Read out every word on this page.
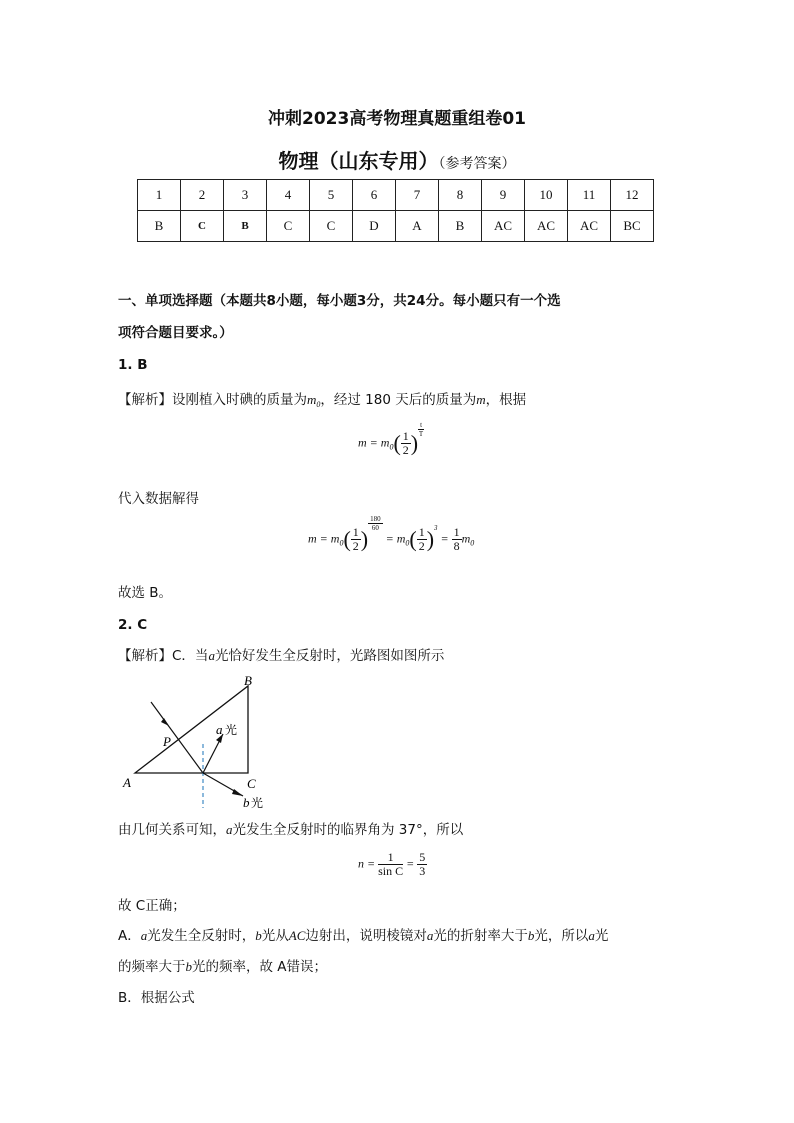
冲刺2023高考物理真题重组卷01
物理（山东专用）（参考答案）
1	2	3	4	5	6	7	8	9	10	11	12
B	C	B	C	C	D	A	B	AC	AC	AC	BC
一、单项选择题（本题共8小题，每小题3分，共24分。每小题只有一个选
项符合题目要求。）
1. B
【解析】设刚植入时碘的质量为$m_0$，经过 180 天后的质量为m，根据
$m = m_0( \frac{1}{2}$ )
$\frac{t}{T}$
代入数据解得
$m = m_0( \frac{1}{2}$ )
$\frac{180}{60}$
= $m_0( \frac{1}{2} )^3 = \frac{1}{8} m_0$
故选 B。
2. C
【解析】C．当a光恰好发生全反射时，光路图如图所示
B
A	C
P
a 光
b 光
由几何关系可知，a光发生全反射时的临界角为 37°，所以
$n = \frac{1}{\text{sin C}} = \frac{5}{3}$
故 C正确；
A．a光发生全反射时，b光从AC边射出，说明棱镜对a光的折射率大于b光，所以a光
的频率大于b光的频率，故 A错误；
B．根据公式
